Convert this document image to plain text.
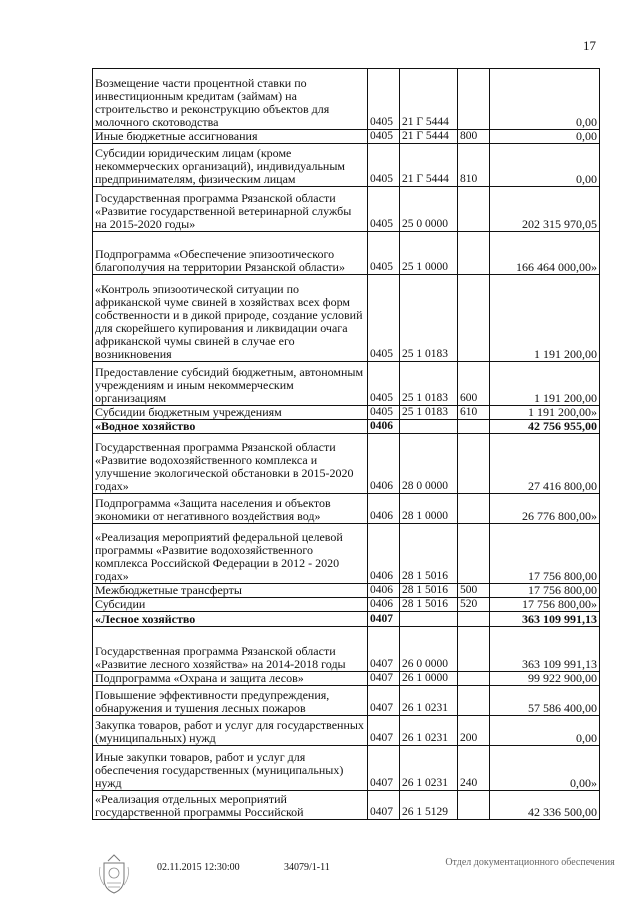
17
Возмещение части процентной ставки по инвестиционным кредитам (займам) на строительство и реконструкцию объектов для молочного скотоводства	0405	21 Г 5444		0,00
Иные бюджетные ассигнования	0405	21 Г 5444	800	0,00
Субсидии юридическим лицам (кроме некоммерческих организаций), индивидуальным предпринимателям, физическим лицам	0405	21 Г 5444	810	0,00
Государственная программа Рязанской области «Развитие государственной ветеринарной службы на 2015-2020 годы»	0405	25 0 0000		202 315 970,05
Подпрограмма «Обеспечение эпизоотического благополучия на территории Рязанской области»	0405	25 1 0000		166 464 000,00»
«Контроль эпизоотической ситуации по африканской чуме свиней в хозяйствах всех форм собственности и в дикой природе, создание условий для скорейшего купирования и ликвидации очага африканской чумы свиней в случае его возникновения	0405	25 1 0183		1 191 200,00
Предоставление субсидий бюджетным, автономным учреждениям и иным некоммерческим организациям	0405	25 1 0183	600	1 191 200,00
Субсидии бюджетным учреждениям	0405	25 1 0183	610	1 191 200,00»
«Водное хозяйство	0406			42 756 955,00
Государственная программа Рязанской области «Развитие водохозяйственного комплекса и улучшение экологической обстановки в 2015-2020 годах»	0406	28 0 0000		27 416 800,00
Подпрограмма «Защита населения и объектов экономики от негативного воздействия вод»	0406	28 1 0000		26 776 800,00»
«Реализация мероприятий федеральной целевой программы «Развитие водохозяйственного комплекса Российской Федерации в 2012 - 2020 годах»	0406	28 1 5016		17 756 800,00
Межбюджетные трансферты	0406	28 1 5016	500	17 756 800,00
Субсидии	0406	28 1 5016	520	17 756 800,00»
«Лесное хозяйство	0407			363 109 991,13
Государственная программа Рязанской области «Развитие лесного хозяйства» на 2014-2018 годы	0407	26 0 0000		363 109 991,13
Подпрограмма «Охрана и защита лесов»	0407	26 1 0000		99 922 900,00
Повышение эффективности предупреждения, обнаружения и тушения лесных пожаров	0407	26 1 0231		57 586 400,00
Закупка товаров, работ и услуг для государственных (муниципальных) нужд	0407	26 1 0231	200	0,00
Иные закупки товаров, работ и услуг для обеспечения государственных (муниципальных) нужд	0407	26 1 0231	240	0,00»
«Реализация отдельных мероприятий государственной программы Российской	0407	26 1 5129		42 336 500,00
02.11.2015 12:30:00	34079/1-11	Отдел документационного обеспечения
